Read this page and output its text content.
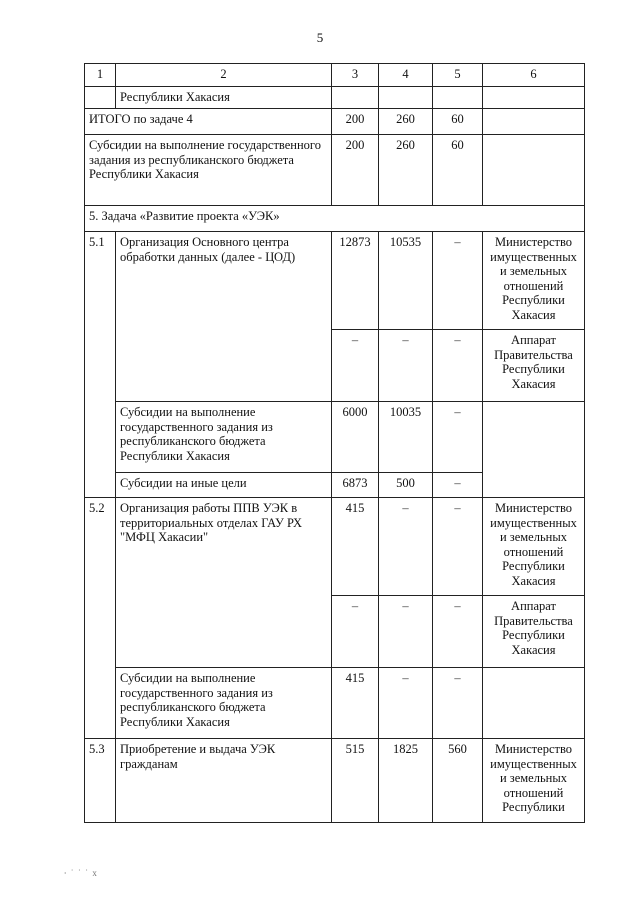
5
1	2	3	4	5	6
	Республики Хакасия				
ИТОГО по задаче 4		200	260	60	
Субсидии на выполнение государственного задания из республиканского бюджета Республики Хакасия		200	260	60	
5. Задача «Развитие проекта «УЭК»					
5.1	Организация Основного центра обработки данных (далее - ЦОД)	12873	10535	–	Министерство имущественных и земельных отношений Республики Хакасия
		–	–	–	Аппарат Правительства Республики Хакасия
	Субсидии на выполнение государственного задания из республиканского бюджета Республики Хакасия	6000	10035	–	
	Субсидии на иные цели	6873	500	–	
5.2	Организация работы ППВ УЭК в территориальных отделах ГАУ РХ "МФЦ Хакасии"	415	–	–	Министерство имущественных и земельных отношений Республики Хакасия
		–	–	–	Аппарат Правительства Республики Хакасия
	Субсидии на выполнение государственного задания из республиканского бюджета Республики Хакасия	415	–	–	
5.3	Приобретение и выдача УЭК гражданам	515	1825	560	Министерство имущественных и земельных отношений Республики
⸱ ˙ ˙ ˙ x
